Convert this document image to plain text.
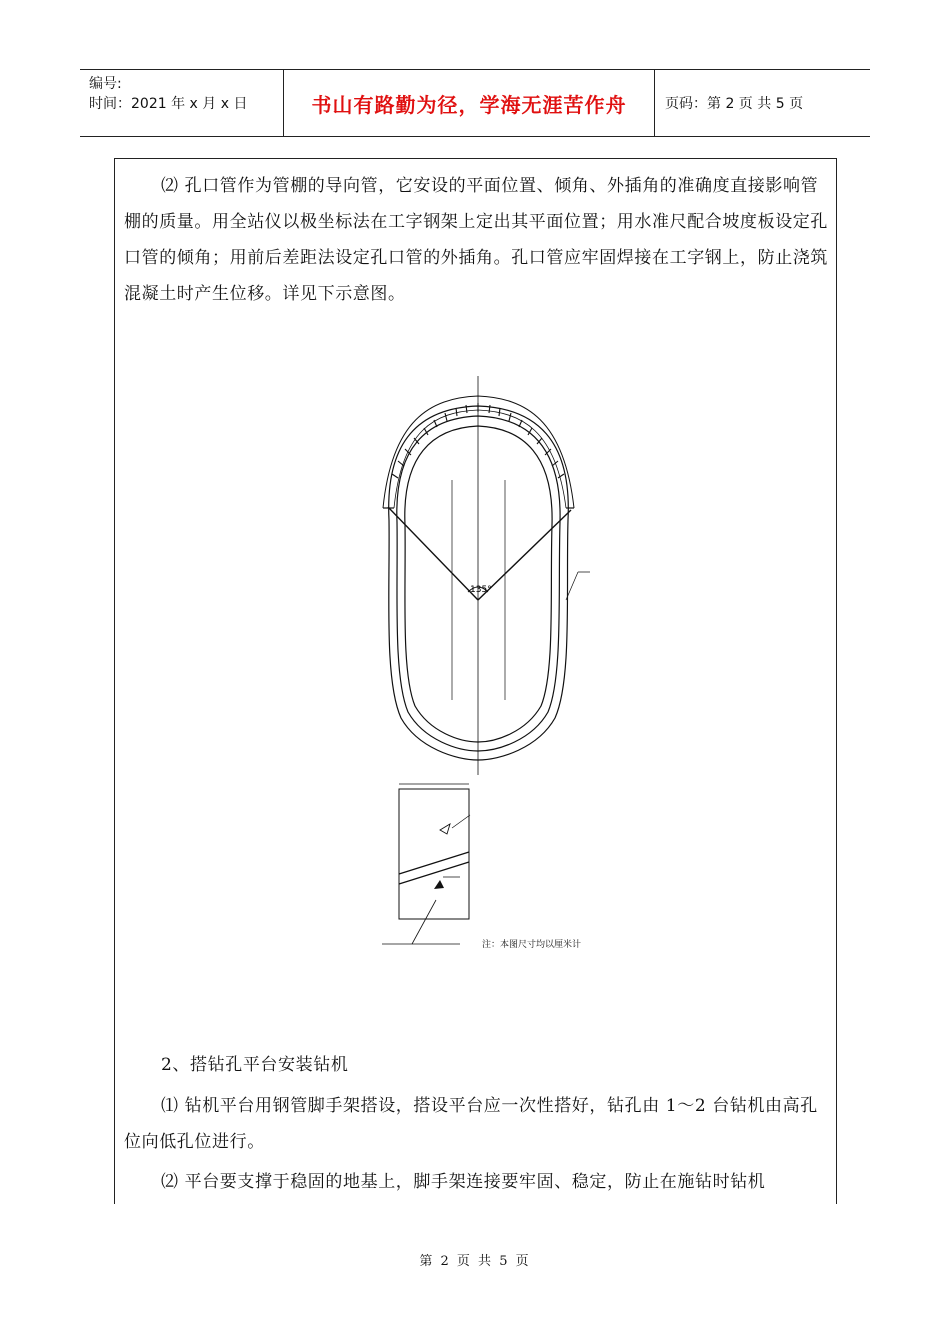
编号:
时间：2021 年 x 月 x 日	书山有路勤为径，学海无涯苦作舟	页码：第 2 页 共 5 页

⑵ 孔口管作为管棚的导向管，它安设的平面位置、倾角、外插角的准确度直接影响管棚的质量。用全站仪以极坐标法在工字钢架上定出其平面位置；用水准尺配合坡度板设定孔口管的倾角；用前后差距法设定孔口管的外插角。孔口管应牢固焊接在工字钢上，防止浇筑混凝土时产生位移。详见下示意图。

135°
注：本图尺寸均以厘米计

2、搭钻孔平台安装钻机

⑴ 钻机平台用钢管脚手架搭设，搭设平台应一次性搭好，钻孔由 1～2 台钻机由高孔位向低孔位进行。

⑵ 平台要支撑于稳固的地基上，脚手架连接要牢固、稳定，防止在施钻时钻机

第 2 页 共 5 页
